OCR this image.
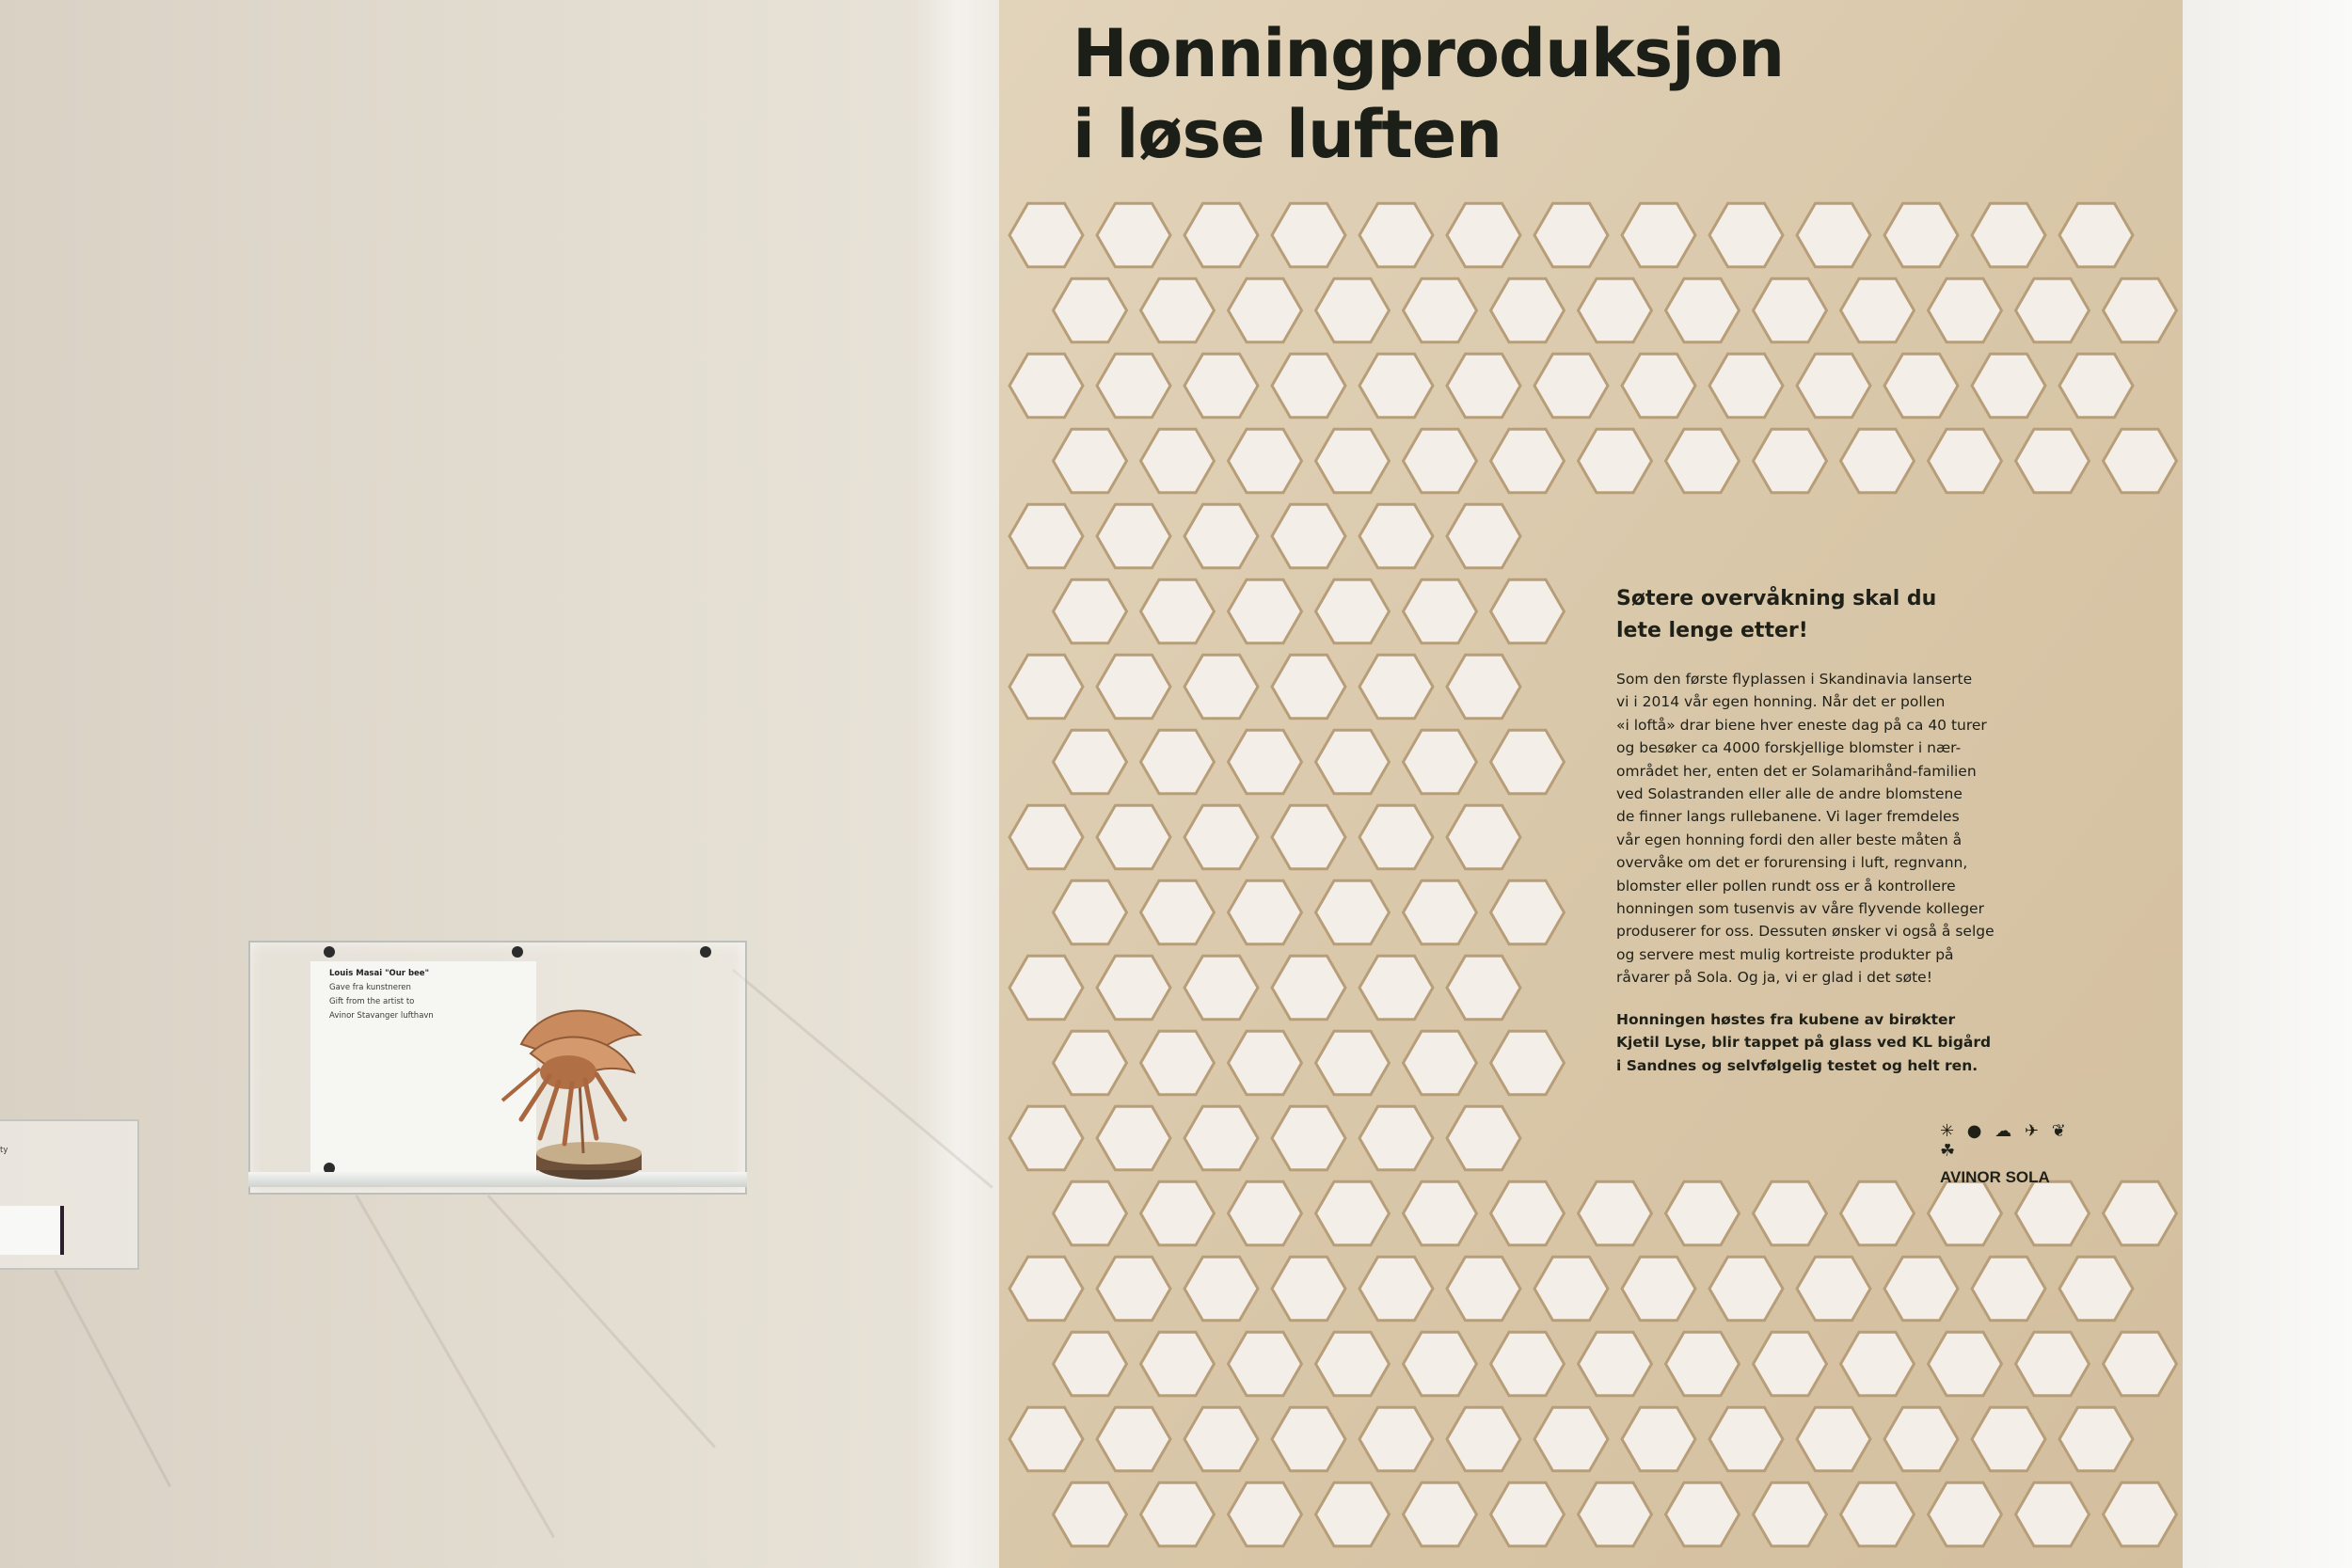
ty

Louis Masai "Our bee"
Gave fra kunstneren
Gift from the artist to
Avinor Stavanger lufthavn

Honningproduksjon
i løse luften
Søtere overvåkning skal du
lete lenge etter!

Som den første flyplassen i Skandinavia lanserte
vi i 2014 vår egen honning. Når det er pollen
«i loftå» drar biene hver eneste dag på ca 40 turer
og besøker ca 4000 forskjellige blomster i nær-
området her, enten det er Solamarihånd-familien
ved Solastranden eller alle de andre blomstene
de finner langs rullebanene. Vi lager fremdeles
vår egen honning fordi den aller beste måten å
overvåke om det er forurensing i luft, regnvann,
blomster eller pollen rundt oss er å kontrollere
honningen som tusenvis av våre flyvende kolleger
produserer for oss. Dessuten ønsker vi også å selge
og servere mest mulig kortreiste produkter på
råvarer på Sola. Og ja, vi er glad i det søte!

Honningen høstes fra kubene av birøkter
Kjetil Lyse, blir tappet på glass ved KL bigård
i Sandnes og selvfølgelig testet og helt ren.

✳ ● ☁ ✈ ❦ ☘
AVINOR SOLA
